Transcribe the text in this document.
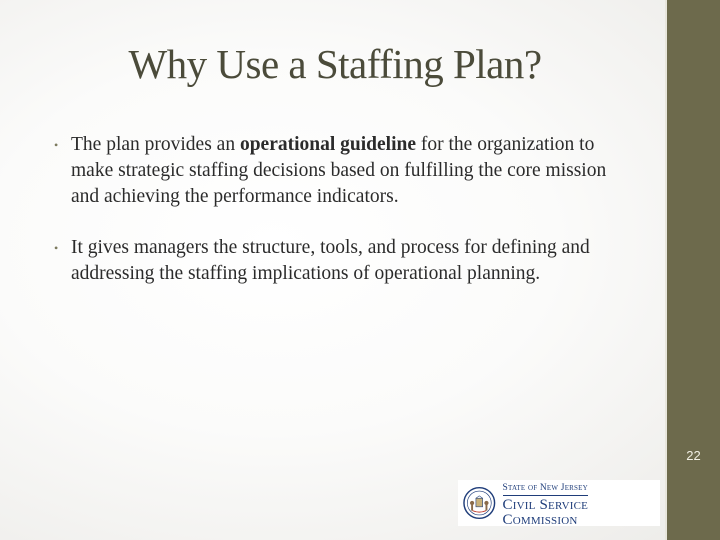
22
Why Use a Staffing Plan?
• The plan provides an operational guideline for the organization to make strategic staffing decisions based on fulfilling the core mission and achieving the performance indicators.
• It gives managers the structure, tools, and process for defining and addressing the staffing implications of operational planning.
State of New Jersey
Civil Service Commission
